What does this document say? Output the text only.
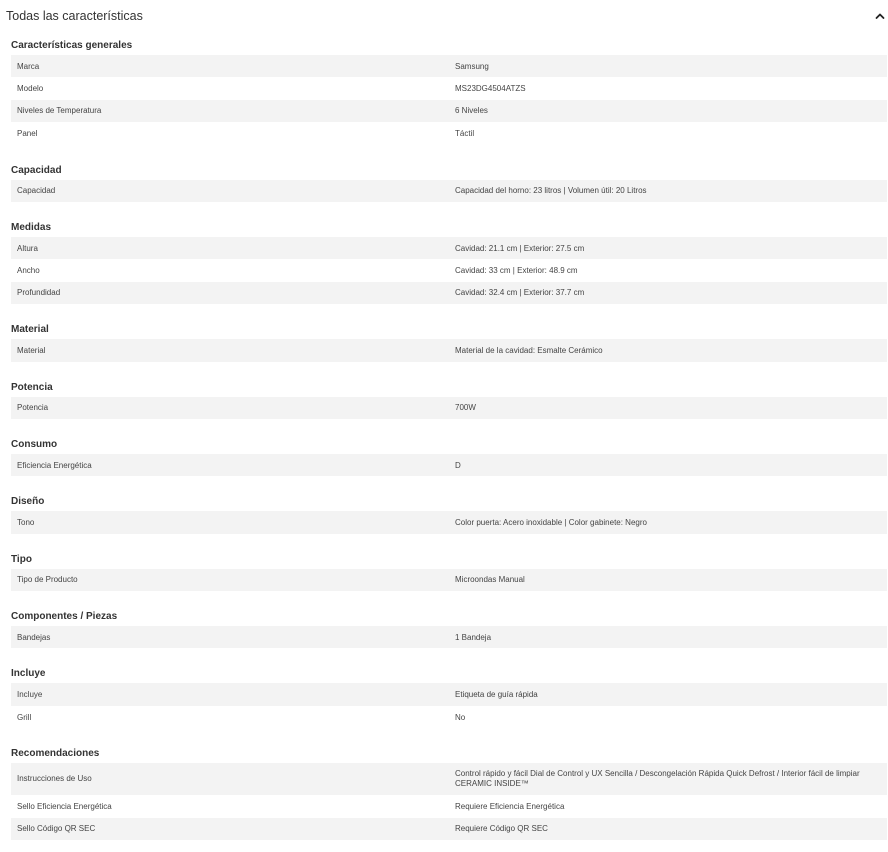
Todas las características
Características generales
Marca	Samsung
Modelo	MS23DG4504ATZS
Niveles de Temperatura	6 Niveles
Panel	Táctil
Capacidad
Capacidad	Capacidad del horno: 23 litros | Volumen útil: 20 Litros
Medidas
Altura	Cavidad: 21.1 cm | Exterior: 27.5 cm
Ancho	Cavidad: 33 cm | Exterior: 48.9 cm
Profundidad	Cavidad: 32.4 cm | Exterior: 37.7 cm
Material
Material	Material de la cavidad: Esmalte Cerámico
Potencia
Potencia	700W
Consumo
Eficiencia Energética	D
Diseño
Tono	Color puerta: Acero inoxidable | Color gabinete: Negro
Tipo
Tipo de Producto	Microondas Manual
Componentes / Piezas
Bandejas	1 Bandeja
Incluye
Incluye	Etiqueta de guía rápida
Grill	No
Recomendaciones
Instrucciones de Uso	Control rápido y fácil Dial de Control y UX Sencilla / Descongelación Rápida Quick Defrost / Interior fácil de limpiar CERAMIC INSIDE™
Sello Eficiencia Energética	Requiere Eficiencia Energética
Sello Código QR SEC	Requiere Código QR SEC
